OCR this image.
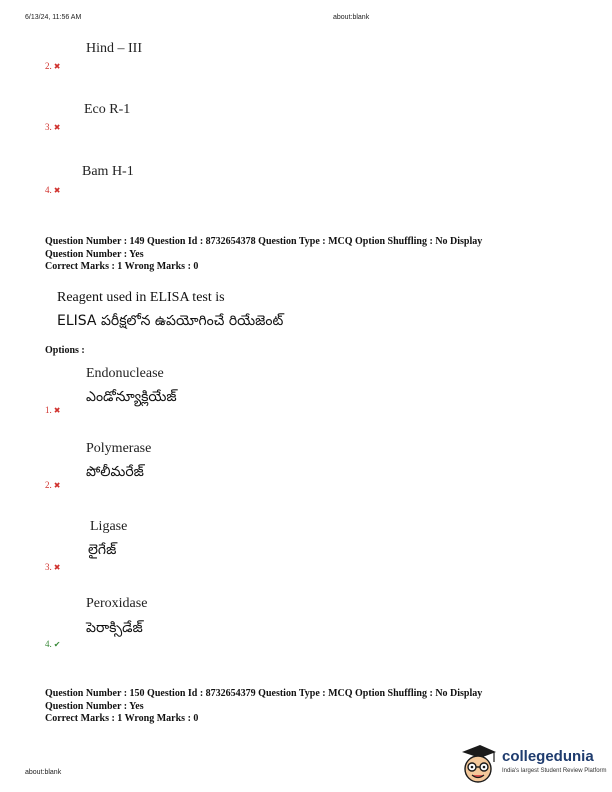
6/13/24, 11:56 AM	about:blank
Hind – III
2. ✖
Eco R-1
3. ✖
Bam H-1
4. ✖
Question Number : 149 Question Id : 8732654378 Question Type : MCQ Option Shuffling : No Display
Question Number : Yes
Correct Marks : 1 Wrong Marks : 0
Reagent used in ELISA test is
ELISA పరీక్షలోన ఉపయోగించే రియేజెంట్
Options :
Endonuclease
ఎండోన్యూక్లియేజ్
1. ✖
Polymerase
పోలీమరేజ్
2. ✖
Ligase
లైగేజ్
3. ✖
Peroxidase
పెరాక్సిడేజ్
4. ✔
Question Number : 150 Question Id : 8732654379 Question Type : MCQ Option Shuffling : No Display
Question Number : Yes
Correct Marks : 1 Wrong Marks : 0
about:blank
collegedunia
India's largest Student Review Platform
